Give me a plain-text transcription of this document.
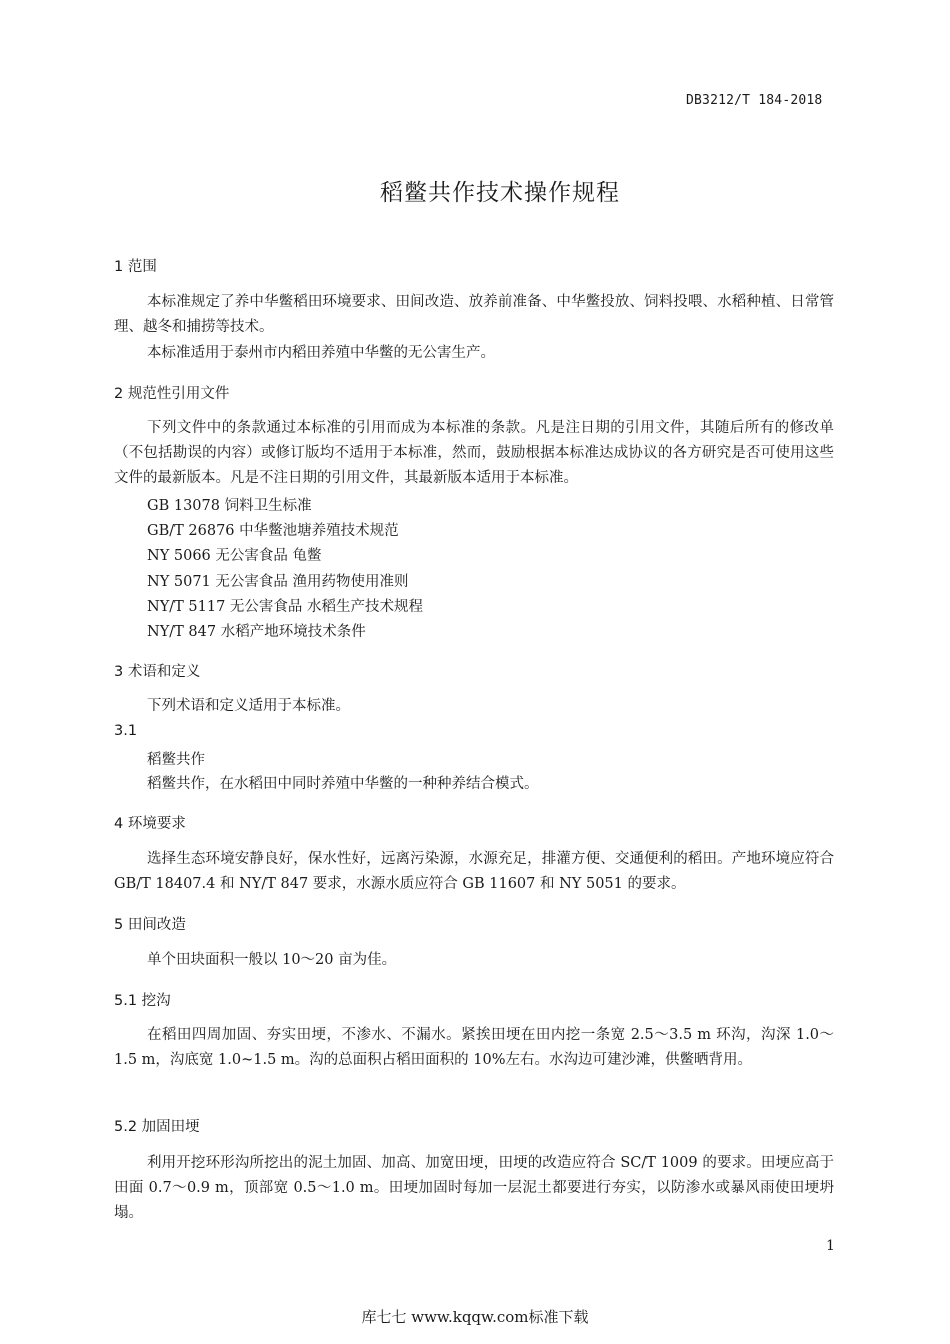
DB3212/T 184-2018
稻鳖共作技术操作规程
1 范围

本标准规定了养中华鳖稻田环境要求、田间改造、放养前准备、中华鳖投放、饲料投喂、水稻种植、日常管理、越冬和捕捞等技术。

本标准适用于泰州市内稻田养殖中华鳖的无公害生产。

2 规范性引用文件

下列文件中的条款通过本标准的引用而成为本标准的条款。凡是注日期的引用文件，其随后所有的修改单（不包括勘误的内容）或修订版均不适用于本标准，然而，鼓励根据本标准达成协议的各方研究是否可使用这些文件的最新版本。凡是不注日期的引用文件，其最新版本适用于本标准。

GB 13078 饲料卫生标准
GB/T 26876 中华鳖池塘养殖技术规范
NY 5066 无公害食品 龟鳖
NY 5071 无公害食品 渔用药物使用准则
NY/T 5117 无公害食品 水稻生产技术规程
NY/T 847 水稻产地环境技术条件
3 术语和定义

下列术语和定义适用于本标准。

3.1
稻鳖共作
稻鳖共作，在水稻田中同时养殖中华鳖的一种种养结合模式。
4 环境要求

选择生态环境安静良好，保水性好，远离污染源，水源充足，排灌方便、交通便利的稻田。产地环境应符合 GB/T 18407.4 和 NY/T 847 要求，水源水质应符合 GB 11607 和 NY 5051 的要求。

5 田间改造

单个田块面积一般以 10～20 亩为佳。

5.1 挖沟

在稻田四周加固、夯实田埂，不渗水、不漏水。紧挨田埂在田内挖一条宽 2.5～3.5 m 环沟，沟深 1.0～1.5 m，沟底宽 1.0~1.5 m。沟的总面积占稻田面积的 10%左右。水沟边可建沙滩，供鳖晒背用。

5.2 加固田埂

利用开挖环形沟所挖出的泥土加固、加高、加宽田埂，田埂的改造应符合 SC/T 1009 的要求。田埂应高于田面 0.7～0.9 m，顶部宽 0.5～1.0 m。田埂加固时每加一层泥土都要进行夯实，以防渗水或暴风雨使田埂坍塌。

1
库七七 www.kqqw.com标准下载
